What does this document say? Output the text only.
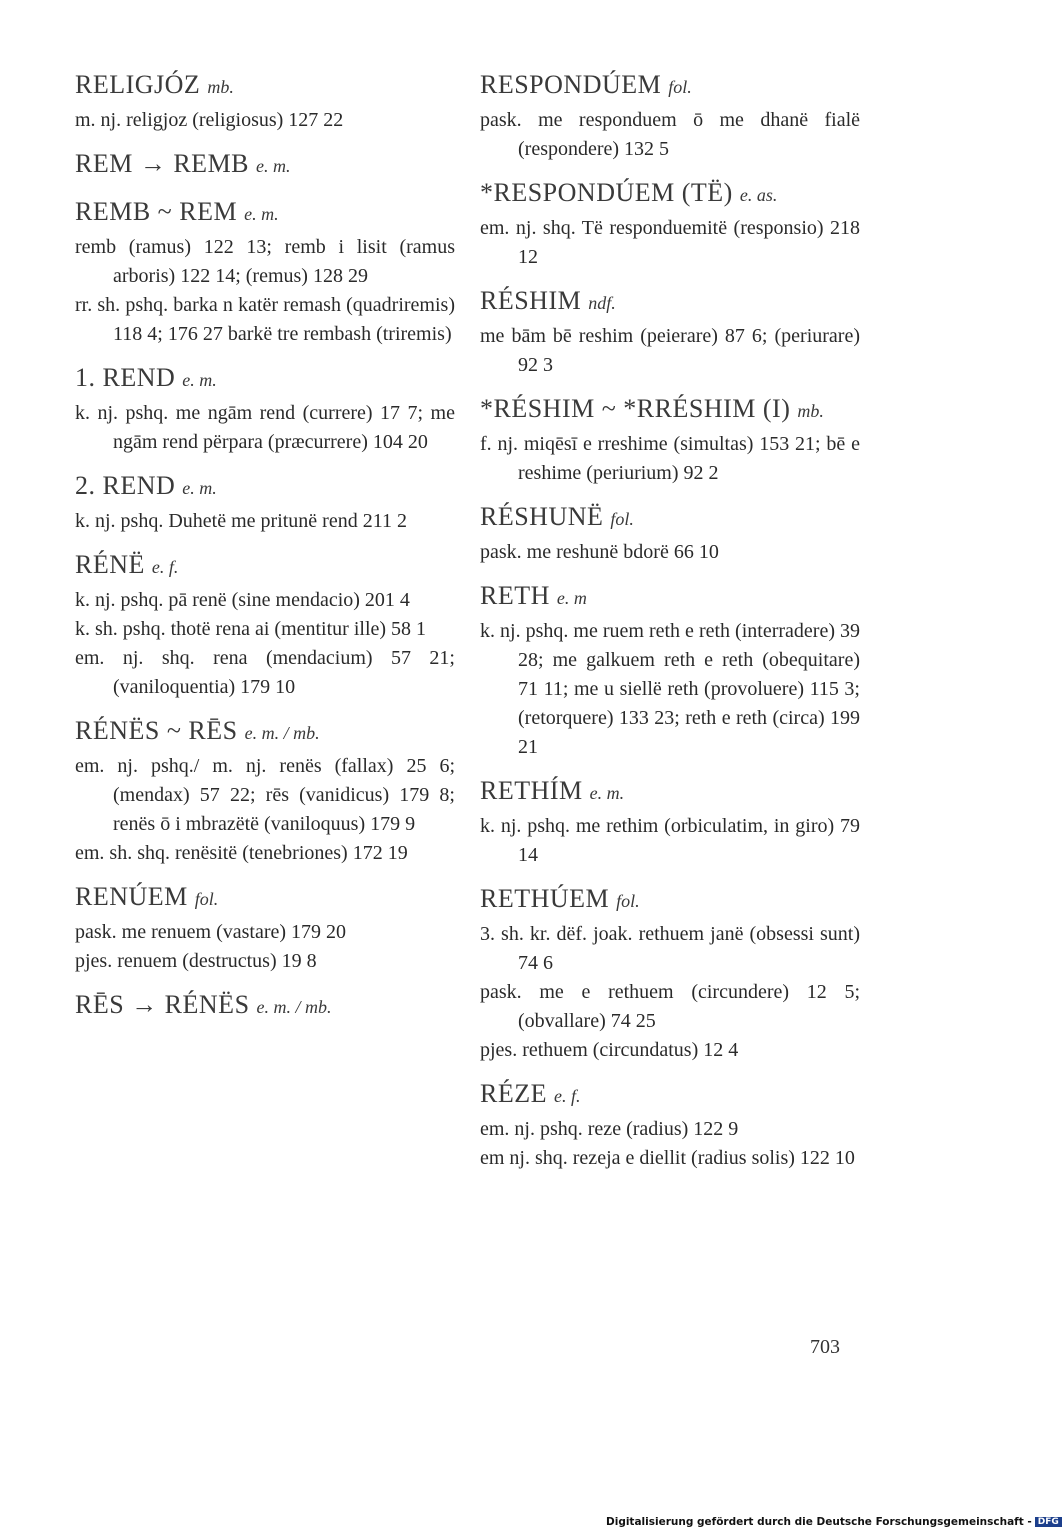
RELIGJÓZ mb.
m. nj. religjoz (religiosus) 127 22
REM → REMB e. m.
REMB ~ REM e. m.
remb (ramus) 122 13; remb i lisit (ramus arboris) 122 14; (remus) 128 29
rr. sh. pshq. barka n katër remash (quadriremis) 118 4; 176 27 barkë tre rembash (triremis)
1. REND e. m.
k. nj. pshq. me ngām rend (currere) 17 7; me ngām rend përpara (præcurrere) 104 20
2. REND e. m.
k. nj. pshq. Duhetë me pritunë rend 211 2
RÉNË e. f.
k. nj. pshq. pā renë (sine mendacio) 201 4
k. sh. pshq. thotë rena ai (mentitur ille) 58 1
em. nj. shq. rena (mendacium) 57 21; (vaniloquentia) 179 10
RÉNËS ~ RĒS e. m. / mb.
em. nj. pshq./ m. nj. renës (fallax) 25 6; (mendax) 57 22; rēs (vanidicus) 179 8; renës ō i mbrazëtë (vaniloquus) 179 9
em. sh. shq. renësitë (tenebriones) 172 19
RENÚEM fol.
pask. me renuem (vastare) 179 20
pjes. renuem (destructus) 19 8
RĒS → RÉNËS e. m. / mb.
RESPONDÚEM fol.
pask. me responduem ō me dhanë fialë (respondere) 132 5
*RESPONDÚEM (TË) e. as.
em. nj. shq. Të responduemitë (responsio) 218 12
RÉSHIM ndf.
me bām bē reshim (peierare) 87 6; (periurare) 92 3
*RÉSHIM ~ *RRÉSHIM (I) mb.
f. nj. miqēsī e rreshime (simultas) 153 21; bē e reshime (periurium) 92 2
RÉSHUNË fol.
pask. me reshunë bdorë 66 10
RETH e. m
k. nj. pshq. me ruem reth e reth (interradere) 39 28; me galkuem reth e reth (obequitare) 71 11; me u siellë reth (provoluere) 115 3; (retorquere) 133 23; reth e reth (circa) 199 21
RETHÍM e. m.
k. nj. pshq. me rethim (orbiculatim, in giro) 79 14
RETHÚEM fol.
3. sh. kr. dëf. joak. rethuem janë (obsessi sunt) 74 6
pask. me e rethuem (circundere) 12 5; (obvallare) 74 25
pjes. rethuem (circundatus) 12 4
RÉZE e. f.
em. nj. pshq. reze (radius) 122 9
em nj. shq. rezeja e diellit (radius solis) 122 10
703
Digitalisierung gefördert durch die Deutsche Forschungsgemeinschaft - DFG
